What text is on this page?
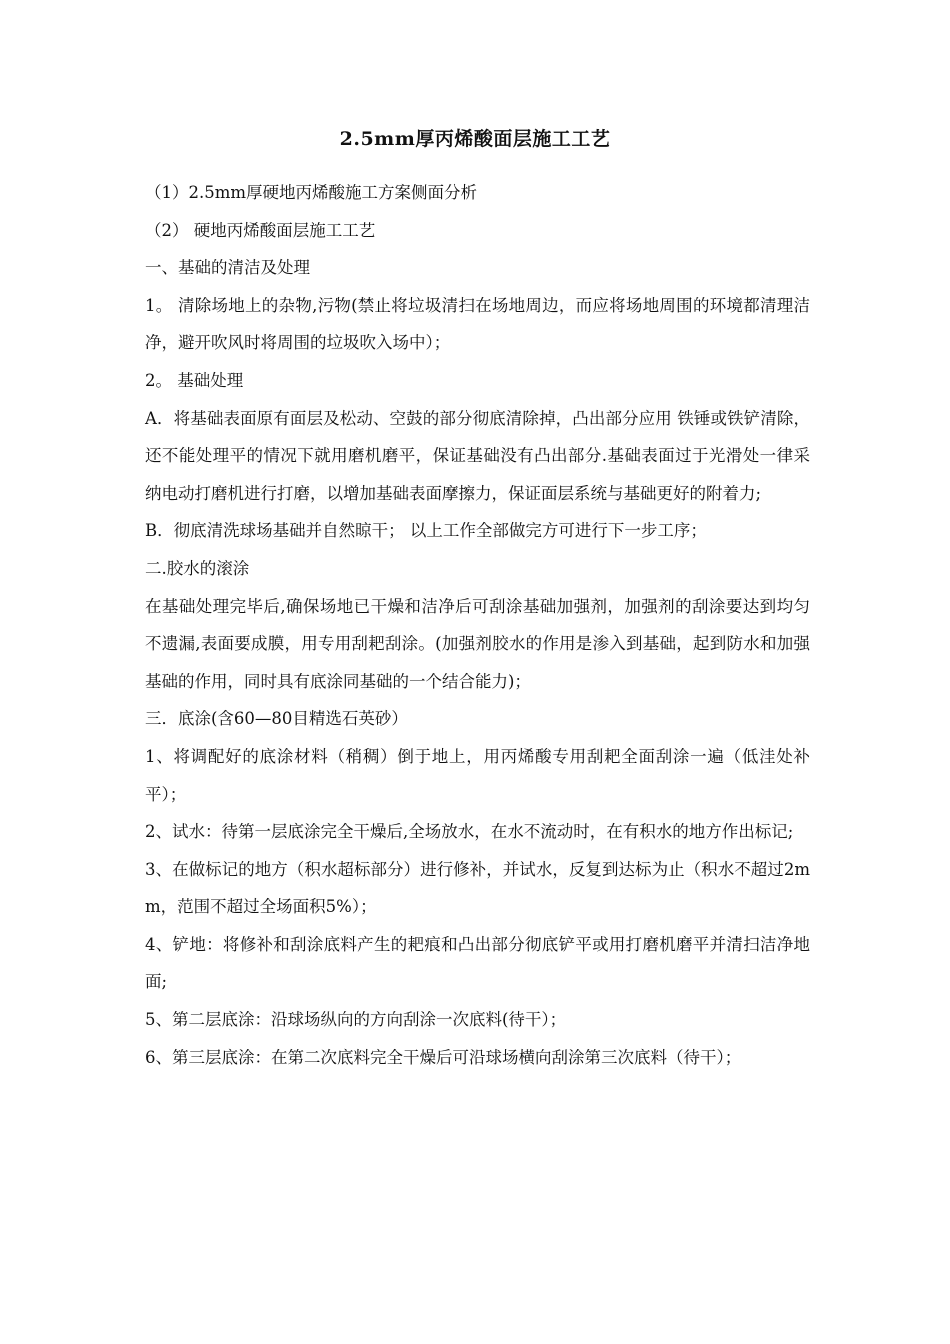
2.5mm厚丙烯酸面层施工工艺

（1）2.5mm厚硬地丙烯酸施工方案侧面分析

（2） 硬地丙烯酸面层施工工艺

一、基础的清洁及处理

1。 清除场地上的杂物,污物(禁止将垃圾清扫在场地周边，而应将场地周围的环境都清理洁净，避开吹风时将周围的垃圾吹入场中）；

2。 基础处理

A．将基础表面原有面层及松动、空鼓的部分彻底清除掉，凸出部分应用 铁锤或铁铲清除，还不能处理平的情况下就用磨机磨平，保证基础没有凸出部分.基础表面过于光滑处一律采纳电动打磨机进行打磨，以增加基础表面摩擦力，保证面层系统与基础更好的附着力;

B．彻底清洗球场基础并自然晾干； 以上工作全部做完方可进行下一步工序；

二.胶水的滚涂

在基础处理完毕后,确保场地已干燥和洁净后可刮涂基础加强剂，加强剂的刮涂要达到均匀不遗漏,表面要成膜，用专用刮耙刮涂。(加强剂胶水的作用是渗入到基础，起到防水和加强基础的作用，同时具有底涂同基础的一个结合能力)；

三．底涂(含60—80目精选石英砂）

1、将调配好的底涂材料（稍稠）倒于地上，用丙烯酸专用刮耙全面刮涂一遍（低洼处补平）；

2、试水：待第一层底涂完全干燥后,全场放水，在水不流动时，在有积水的地方作出标记;

3、在做标记的地方（积水超标部分）进行修补，并试水，反复到达标为止（积水不超过2mm，范围不超过全场面积5%）；

4、铲地：将修补和刮涂底料产生的耙痕和凸出部分彻底铲平或用打磨机磨平并清扫洁净地面;

5、第二层底涂：沿球场纵向的方向刮涂一次底料(待干）；

6、第三层底涂：在第二次底料完全干燥后可沿球场横向刮涂第三次底料（待干）；
